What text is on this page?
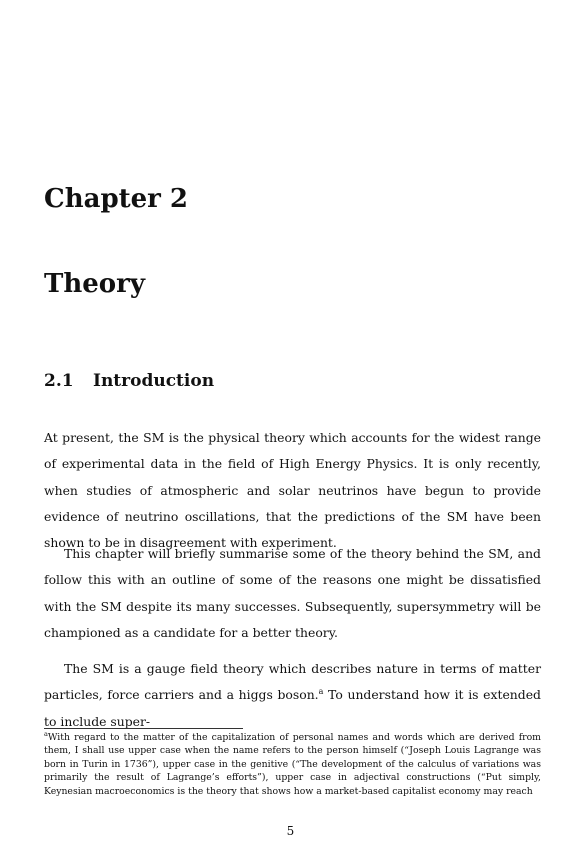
Chapter 2
Theory
2.1 Introduction

At present, the SM is the physical theory which accounts for the widest range of experimental data in the field of High Energy Physics. It is only recently, when studies of atmospheric and solar neutrinos have begun to provide evidence of neutrino oscillations, that the predictions of the SM have been shown to be in disagreement with experiment.

This chapter will briefly summarise some of the theory behind the SM, and follow this with an outline of some of the reasons one might be dissatisfied with the SM despite its many successes. Subsequently, supersymmetry will be championed as a candidate for a better theory.

The SM is a gauge field theory which describes nature in terms of matter particles, force carriers and a higgs boson.$^a$ To understand how it is extended to include super-

$^a$With regard to the matter of the capitalization of personal names and words which are derived from them, I shall use upper case when the name refers to the person himself (“Joseph Louis Lagrange was born in Turin in 1736”), upper case in the genitive (“The development of the calculus of variations was primarily the result of Lagrange’s efforts”), upper case in adjectival constructions (“Put simply, Keynesian macroeconomics is the theory that shows how a market-based capitalist economy may reach

5
